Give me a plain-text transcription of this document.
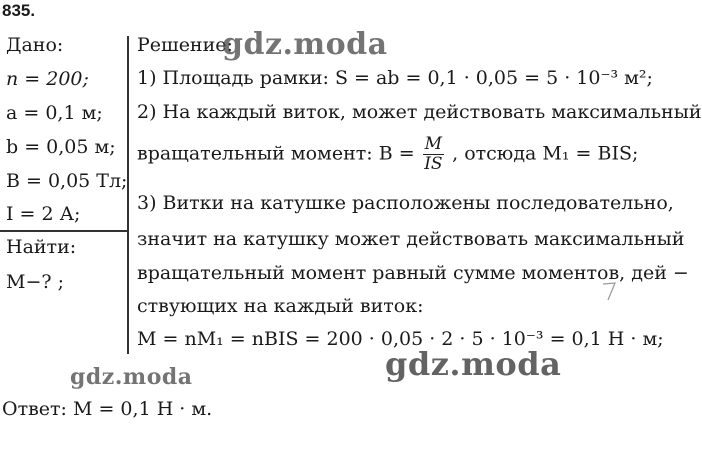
835.
Дано:
n = 200;
a = 0,1 м;
b = 0,05 м;
B = 0,05 Тл;
I = 2 А;
Найти:
M−? ;
Решение:
1) Площадь рамки: S = ab = 0,1 · 0,05 = 5 · 10⁻³ м²;
2) На каждый виток, может действовать максимальный
вращательный момент: $B = \frac{M}{IS}$ , отсюда M₁ = BIS;
3) Витки на катушке расположены последовательно,
значит на катушку может действовать максимальный
вращательный момент равный сумме моментов, дей −
ствующих на каждый виток:
M = nM₁ = nBIS = 200 · 0,05 · 2 · 5 · 10⁻³ = 0,1 Н · м;
Ответ: M = 0,1 Н · м.
gdz.moda
gdz.moda	gdz.moda
